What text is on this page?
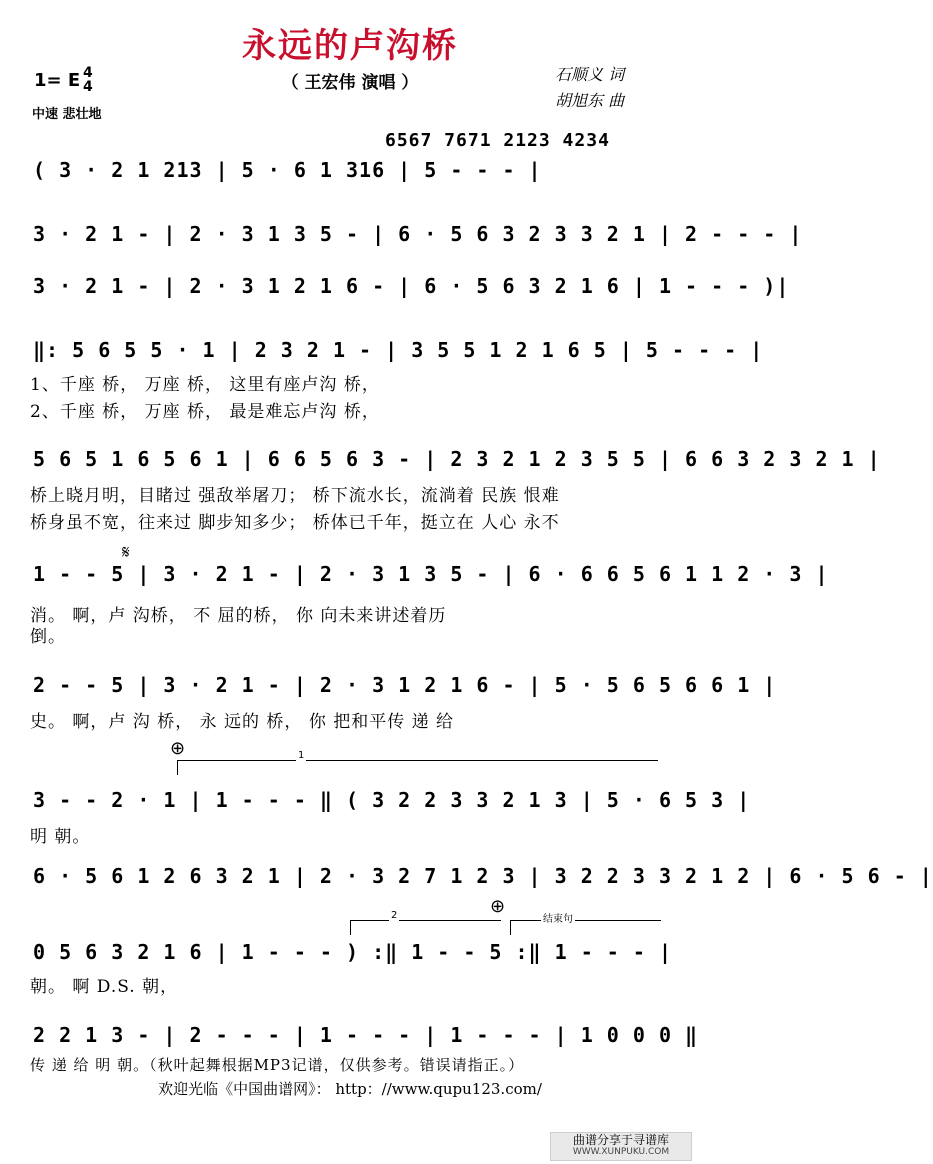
永远的卢沟桥
（ 王宏伟 演唱 ）
1= E 4
4
中速 悲壮地
石顺义 词
胡旭东 曲
6567 7671 2123 4234
( 3 · 2 1 213 | 5 · 6 1 316 | 5 - - - |
3 · 2 1 - | 2 · 3 1 3 5 - | 6 · 5 6 3 2 3 3 2 1 | 2 - - - |
3 · 2 1 - | 2 · 3 1 2 1 6 - | 6 · 5 6 3 2 1 6 | 1 - - - )|
‖: 5 6 5 5 · 1 | 2 3 2 1 - | 3 5 5 1 2 1 6 5 | 5 - - - |
1、千座 桥， 万座 桥， 这里有座卢沟 桥，
2、千座 桥， 万座 桥， 最是难忘卢沟 桥，
5 6 5 1 6 5 6 1 | 6 6 5 6 3 - | 2 3 2 1 2 3 5 5 | 6 6 3 2 3 2 1 |
桥上晓月明，目睹过 强敌举屠刀； 桥下流水长，流淌着 民族 恨难
桥身虽不宽，往来过 脚步知多少； 桥体已千年，挺立在 人心 永不
𝄋
1 - - 5 | 3 · 2 1 - | 2 · 3 1 3 5 - | 6 · 6 6 5 6 1 1 2 · 3 |
消。 啊，卢 沟桥， 不 屈的桥， 你 向未来讲述着历
倒。
2 - - 5 | 3 · 2 1 - | 2 · 3 1 2 1 6 - | 5 · 5 6 5 6 6 1 |
史。 啊，卢 沟 桥， 永 远的 桥， 你 把和平传 递 给
⊕	1
3 - - 2 · 1 | 1 - - - ‖ ( 3 2 2 3 3 2 1 3 | 5 · 6 5 3 |
明 朝。
6 · 5 6 1 2 6 3 2 1 | 2 · 3 2 7 1 2 3 | 3 2 2 3 3 2 1 2 | 6 · 5 6 - |
2	⊕
结束句
0 5 6 3 2 1 6 | 1 - - - ) :‖ 1 - - 5 :‖ 1 - - - |
朝。 啊 D.S. 朝，
2 2 1 3 - | 2 - - - | 1 - - - | 1 - - - | 1 0 0 0 ‖
传 递 给 明 朝。（秋叶起舞根据MP3记谱，仅供参考。错误请指正。）
欢迎光临《中国曲谱网》： http：//www.qupu123.com/
曲谱分享于寻谱库
WWW.XUNPUKU.COM
